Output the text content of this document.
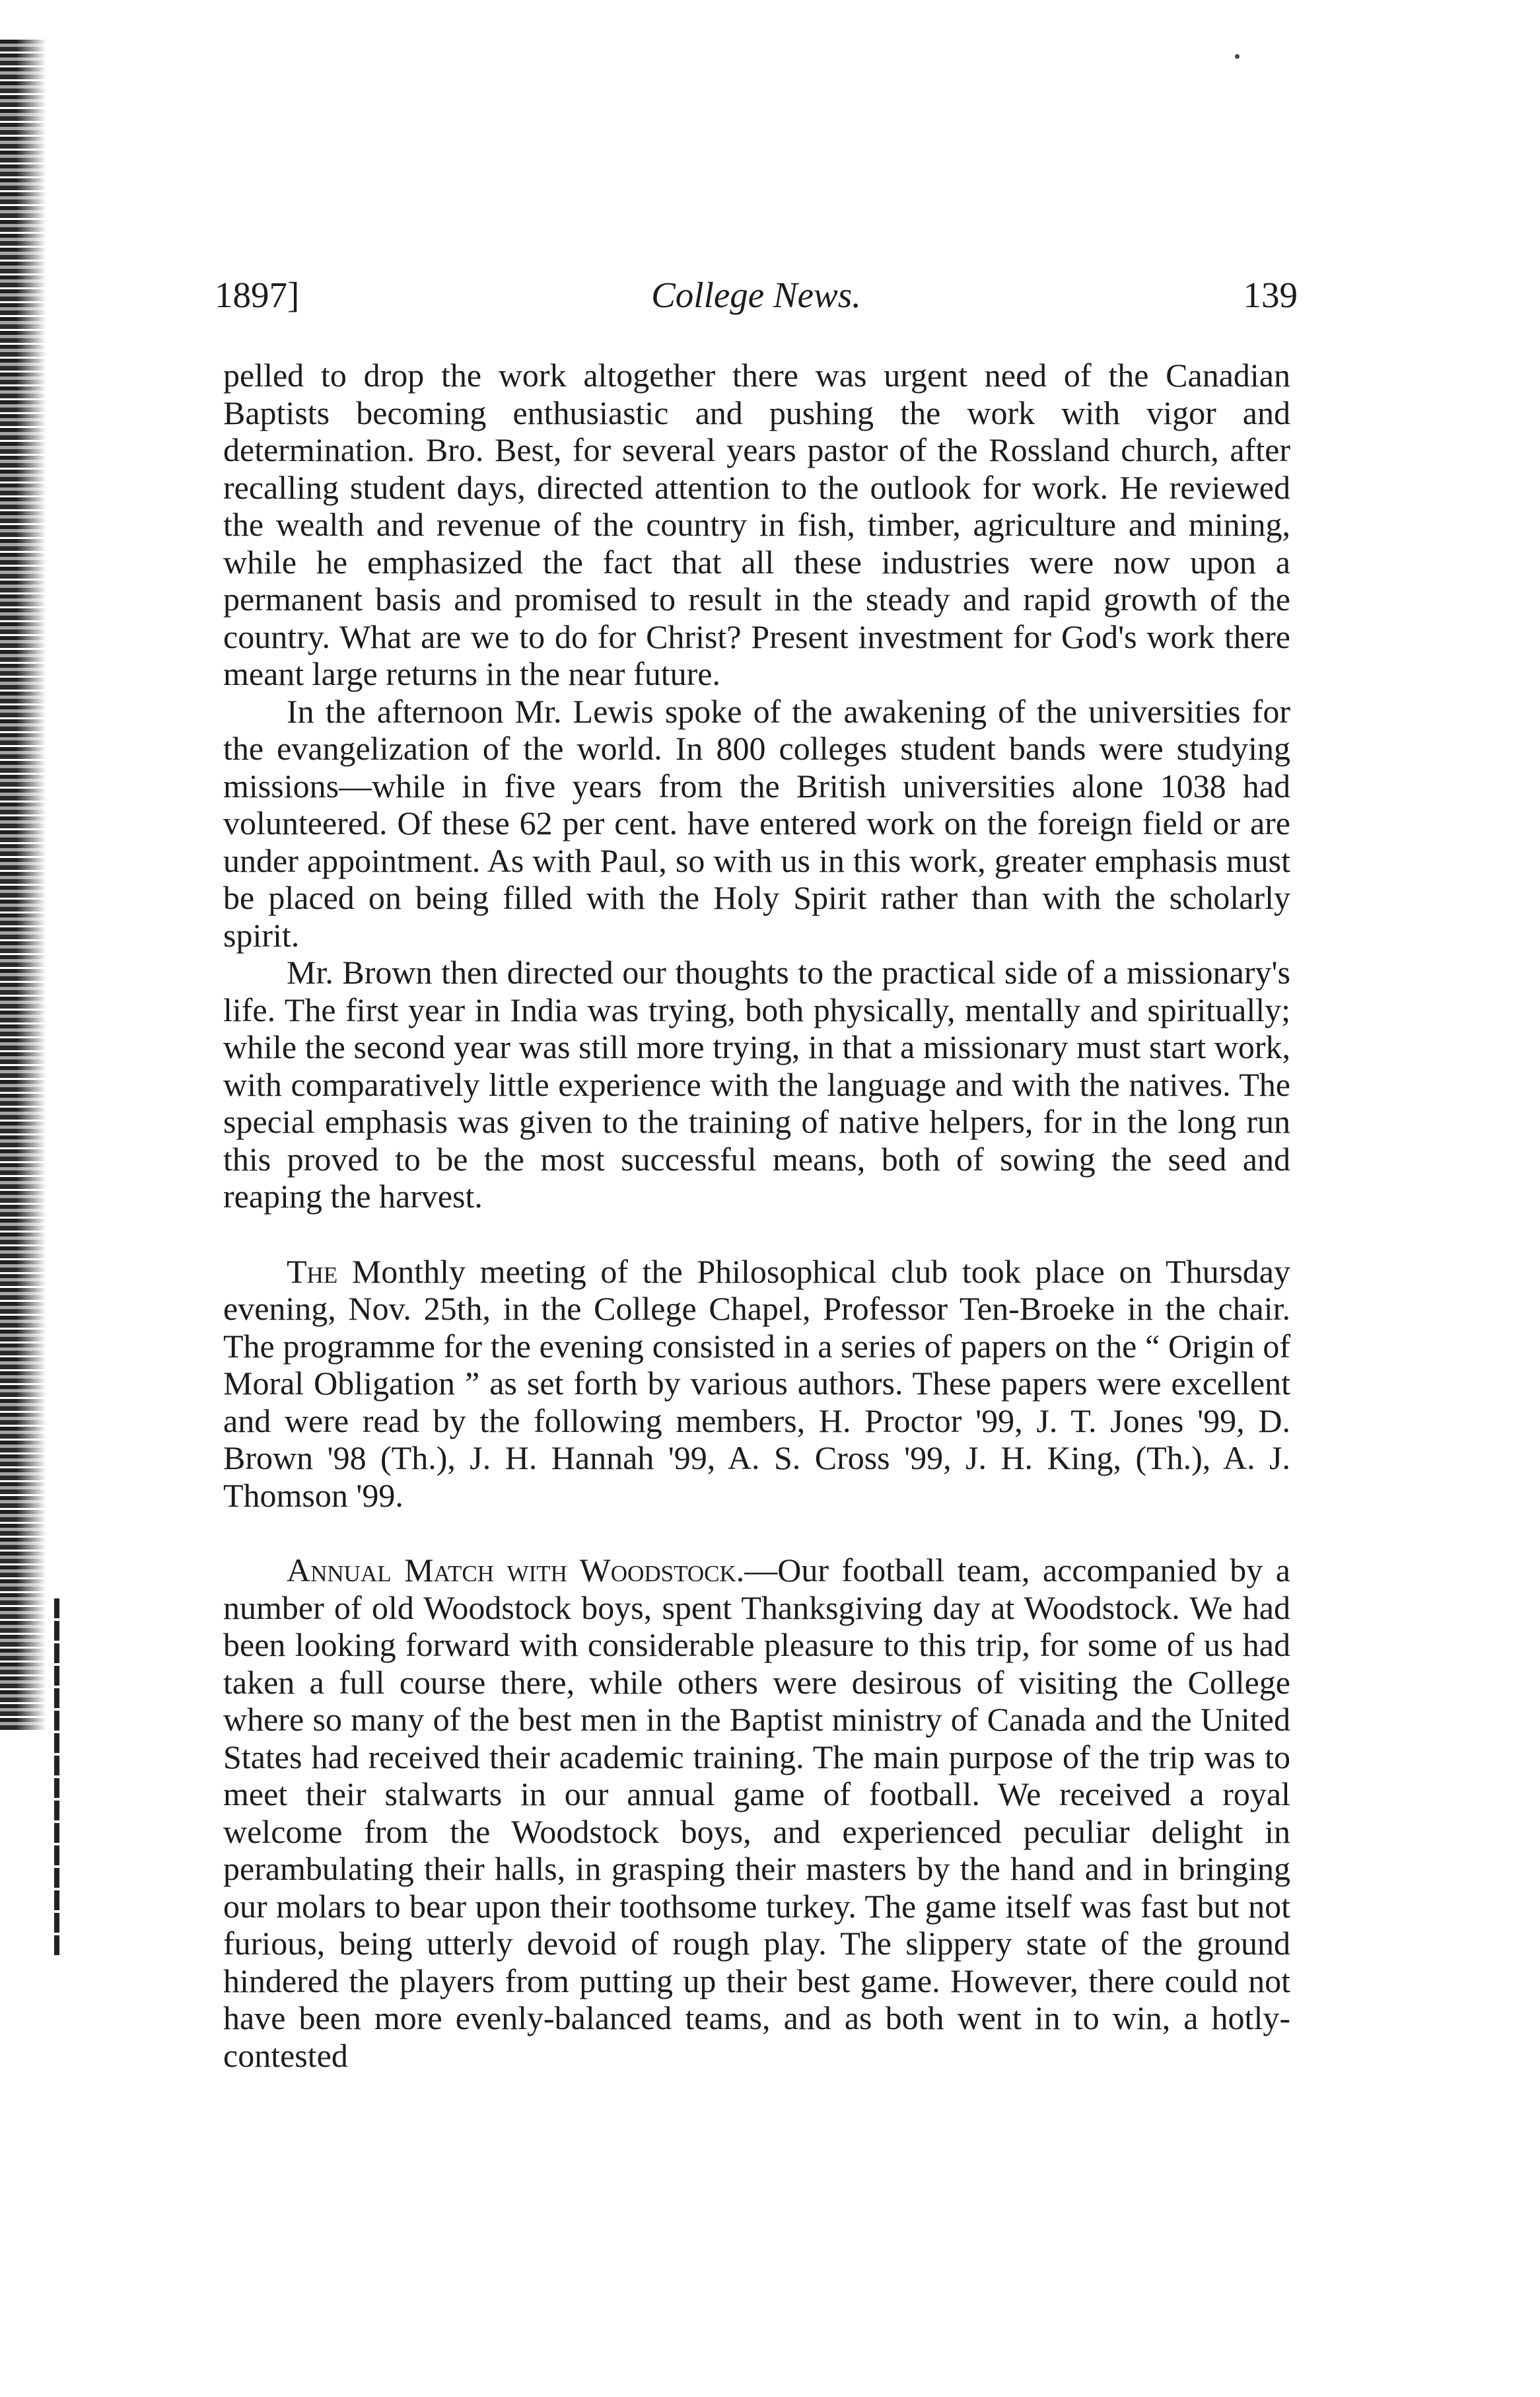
1897]	College News.	139

pelled to drop the work altogether there was urgent need of the Canadian Baptists becoming enthusiastic and pushing the work with vigor and determination. Bro. Best, for several years pastor of the Rossland church, after recalling student days, directed attention to the outlook for work. He reviewed the wealth and revenue of the country in fish, timber, agriculture and mining, while he emphasized the fact that all these industries were now upon a permanent basis and promised to result in the steady and rapid growth of the country. What are we to do for Christ? Present investment for God's work there meant large returns in the near future.

In the afternoon Mr. Lewis spoke of the awakening of the universities for the evangelization of the world. In 800 colleges student bands were studying missions—while in five years from the British universities alone 1038 had volunteered. Of these 62 per cent. have entered work on the foreign field or are under appointment. As with Paul, so with us in this work, greater emphasis must be placed on being filled with the Holy Spirit rather than with the scholarly spirit.

Mr. Brown then directed our thoughts to the practical side of a missionary's life. The first year in India was trying, both physically, mentally and spiritually; while the second year was still more trying, in that a missionary must start work, with comparatively little experience with the language and with the natives. The special emphasis was given to the training of native helpers, for in the long run this proved to be the most successful means, both of sowing the seed and reaping the harvest.

The Monthly meeting of the Philosophical club took place on Thursday evening, Nov. 25th, in the College Chapel, Professor Ten-Broeke in the chair. The programme for the evening consisted in a series of papers on the “ Origin of Moral Obligation ” as set forth by various authors. These papers were excellent and were read by the following members, H. Proctor '99, J. T. Jones '99, D. Brown '98 (Th.), J. H. Hannah '99, A. S. Cross '99, J. H. King, (Th.), A. J. Thomson '99.

Annual Match with Woodstock.—Our football team, accompanied by a number of old Woodstock boys, spent Thanksgiving day at Woodstock. We had been looking forward with considerable pleasure to this trip, for some of us had taken a full course there, while others were desirous of visiting the College where so many of the best men in the Baptist ministry of Canada and the United States had received their academic training. The main purpose of the trip was to meet their stalwarts in our annual game of football. We received a royal welcome from the Woodstock boys, and experienced peculiar delight in perambulating their halls, in grasping their masters by the hand and in bringing our molars to bear upon their toothsome turkey. The game itself was fast but not furious, being utterly devoid of rough play. The slippery state of the ground hindered the players from putting up their best game. However, there could not have been more evenly-balanced teams, and as both went in to win, a hotly-contested
